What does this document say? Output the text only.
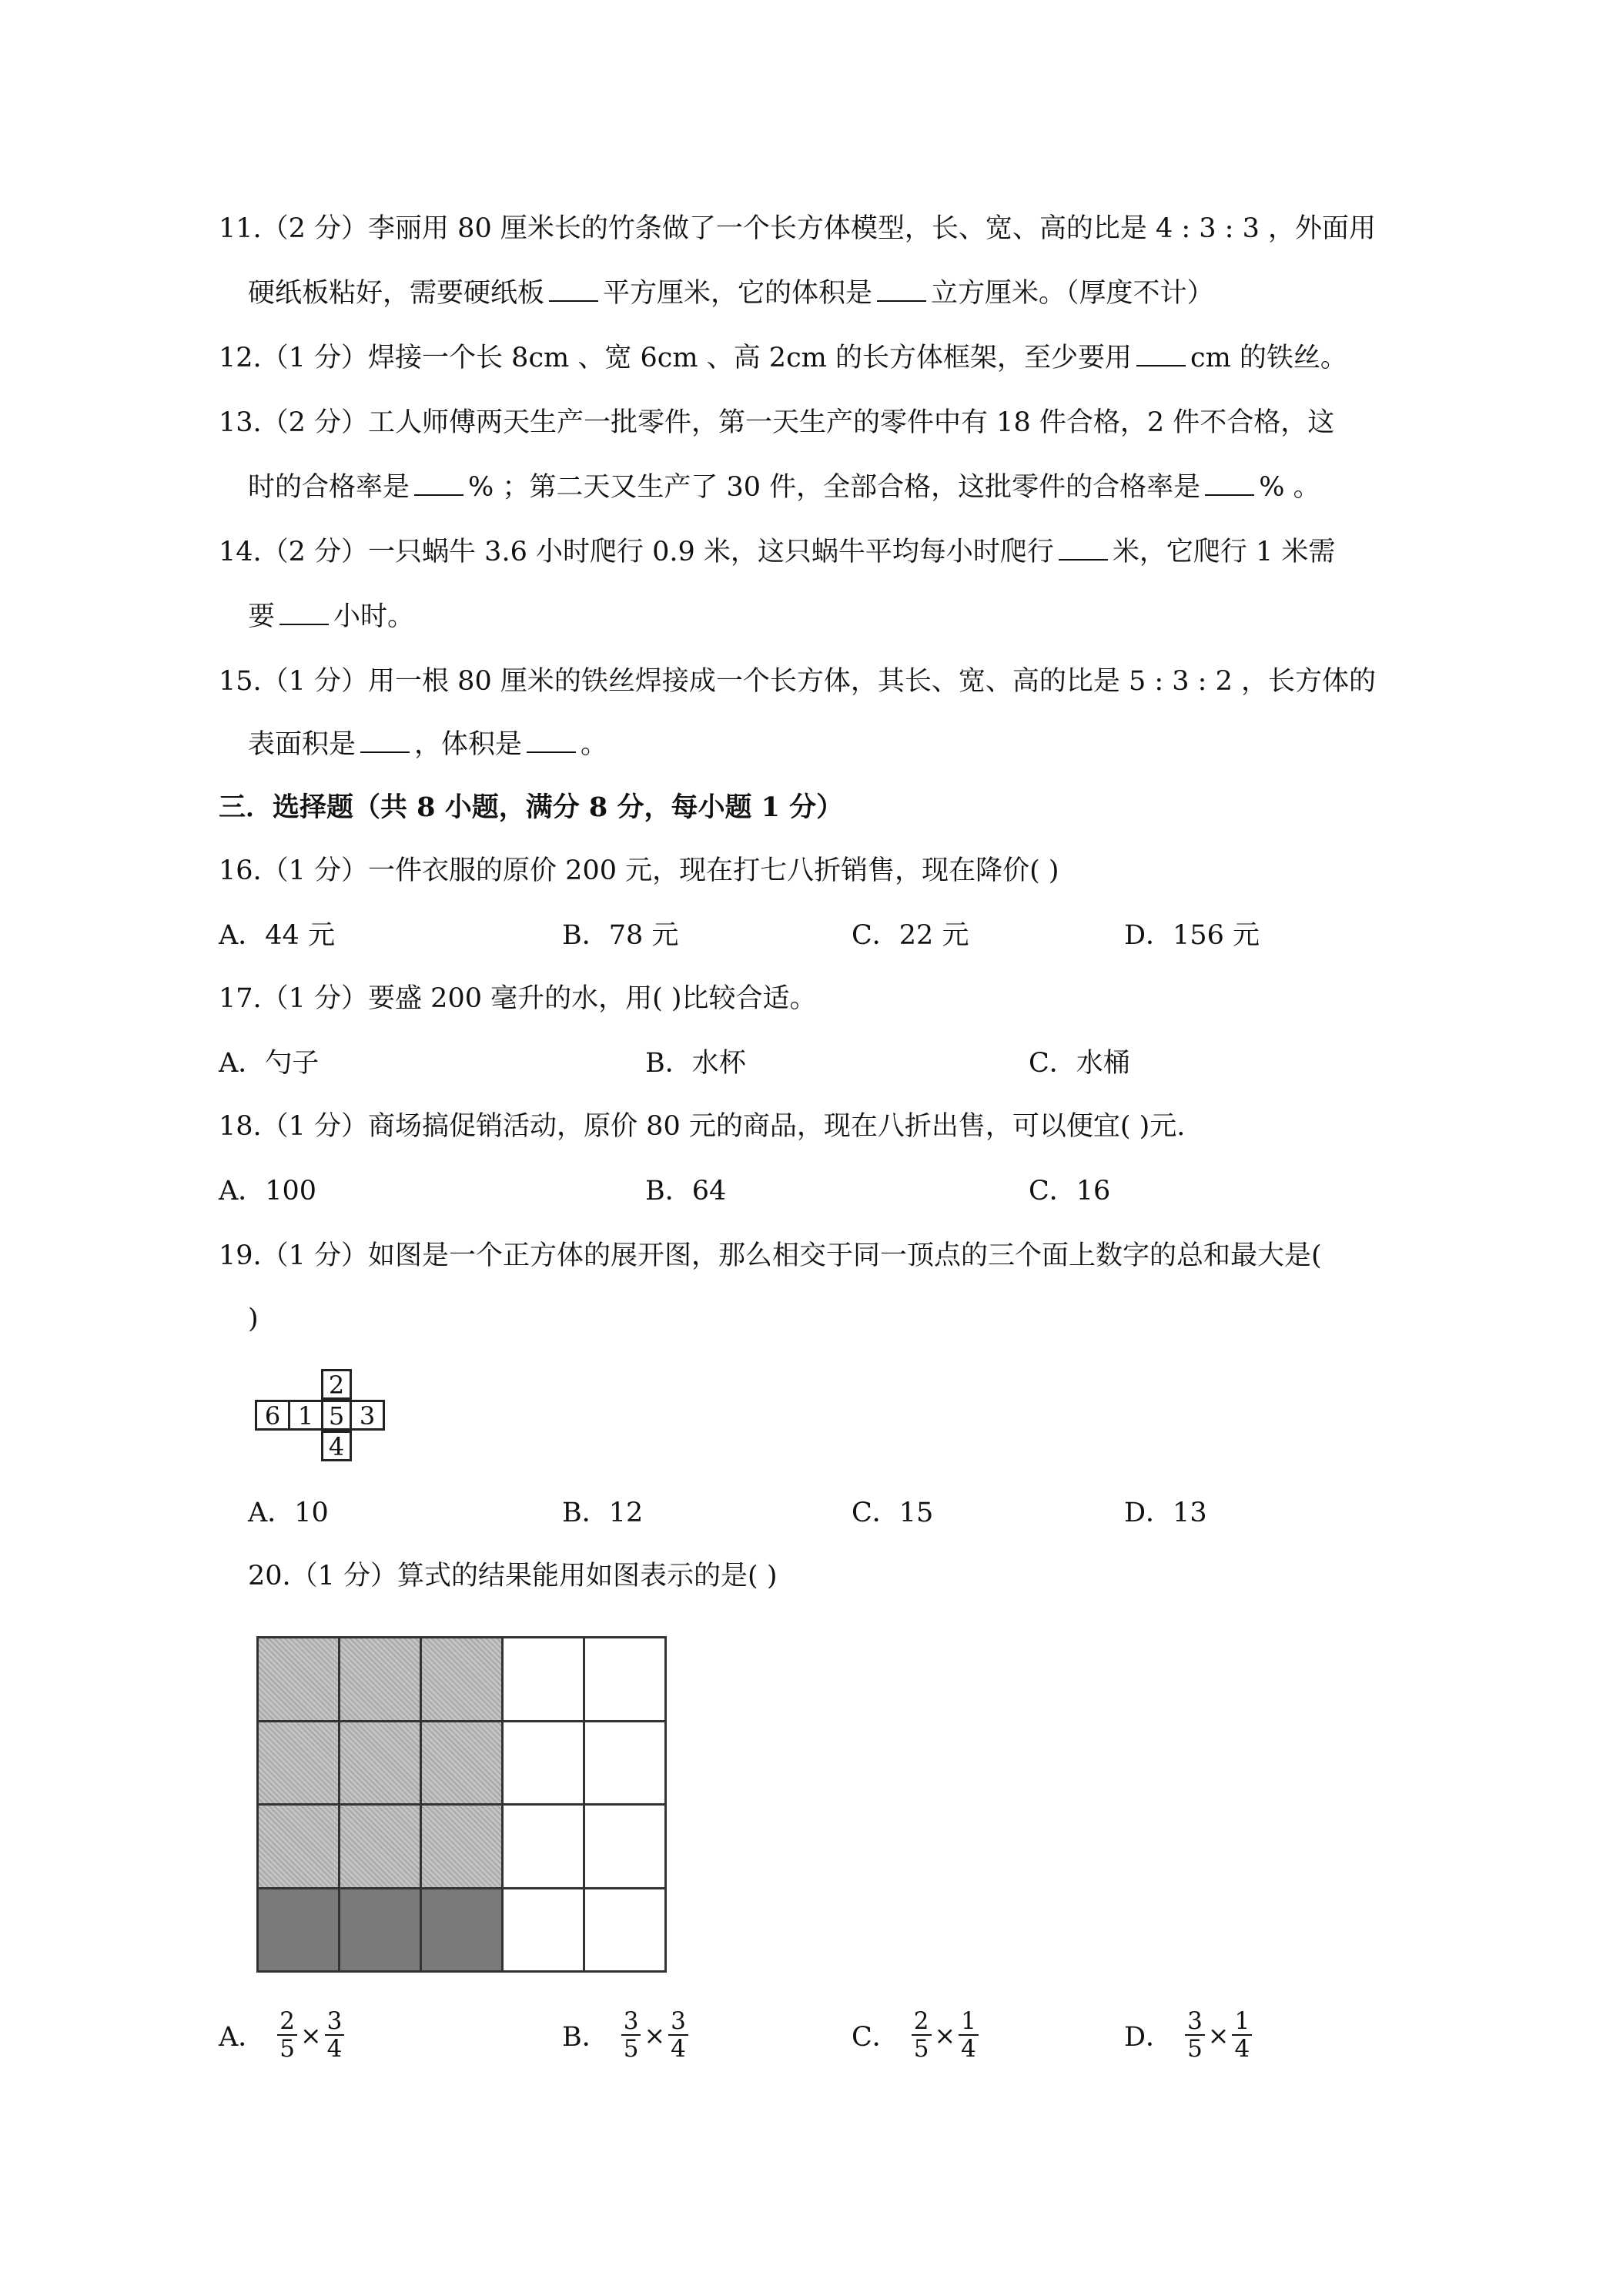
11.（2 分）李丽用 80 厘米长的竹条做了一个长方体模型，长、宽、高的比是 4 : 3 : 3 ，外面用
硬纸板粘好，需要硬纸板 平方厘米，它的体积是 立方厘米。（厚度不计）
12.（1 分）焊接一个长 8cm 、宽 6cm 、高 2cm 的长方体框架，至少要用 cm 的铁丝。
13.（2 分）工人师傅两天生产一批零件，第一天生产的零件中有 18 件合格，2 件不合格，这
时的合格率是 % ；第二天又生产了 30 件，全部合格，这批零件的合格率是 % 。
14.（2 分）一只蜗牛 3.6 小时爬行 0.9 米，这只蜗牛平均每小时爬行 米，它爬行 1 米需
要 小时。
15.（1 分）用一根 80 厘米的铁丝焊接成一个长方体，其长、宽、高的比是 5 : 3 : 2 ，长方体的
表面积是 ，体积是 。
三．选择题（共 8 小题，满分 8 分，每小题 1 分）
16.（1 分）一件衣服的原价 200 元，现在打七八折销售，现在降价( )
A．44 元	B．78 元	C．22 元	D．156 元
17.（1 分）要盛 200 毫升的水，用( )比较合适。
A．勺子	B．水杯	C．水桶
18.（1 分）商场搞促销活动，原价 80 元的商品，现在八折出售，可以便宜( )元.
A．100	B．64	C．16
19.（1 分）如图是一个正方体的展开图，那么相交于同一顶点的三个面上数字的总和最大是(
)
2
6 1 5 3
4
A．10	B．12	C．15	D．13
20.（1 分）算式的结果能用如图表示的是( )
A． $\frac{2}{5} \times \frac{3}{4}$	B． $\frac{3}{5} \times \frac{3}{4}$	C． $\frac{2}{5} \times \frac{1}{4}$	D． $\frac{3}{5} \times \frac{1}{4}$
